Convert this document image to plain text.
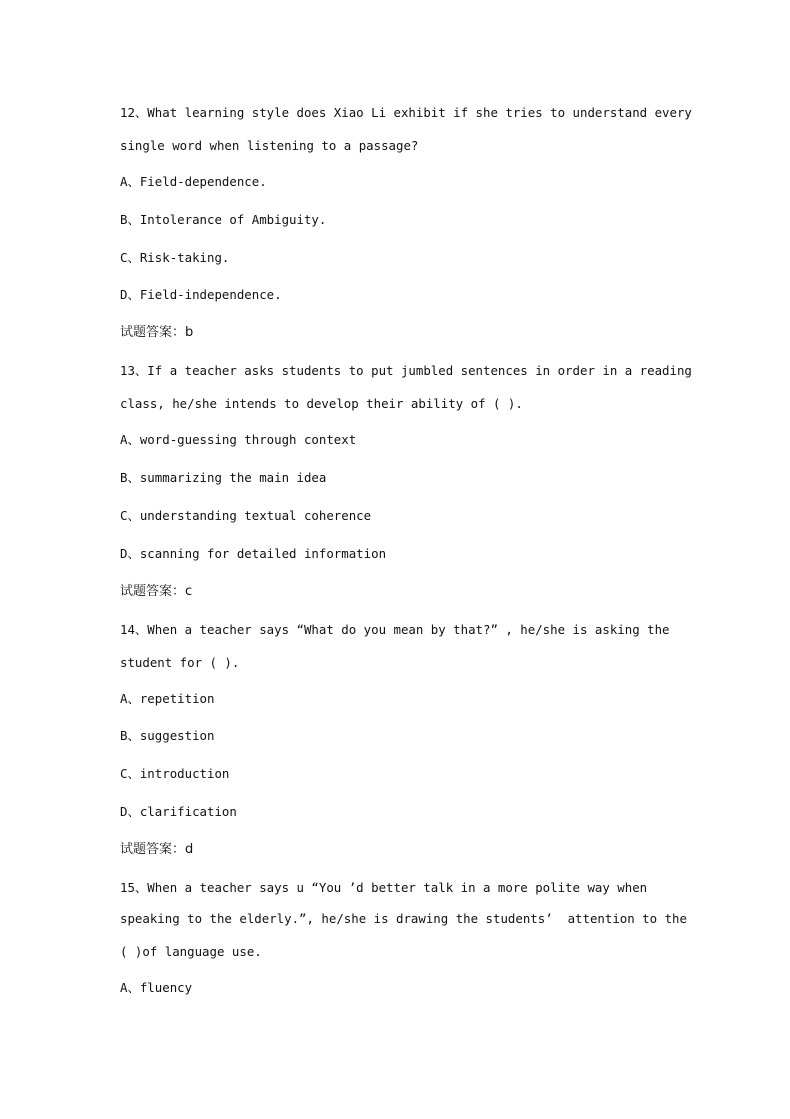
12、What learning style does Xiao Li exhibit if she tries to understand every
single word when listening to a passage?
A、Field-dependence.
B、Intolerance of Ambiguity.
C、Risk-taking.
D、Field-independence.
试题答案：b
13、If a teacher asks students to put jumbled sentences in order in a reading
class, he/she intends to develop their ability of ( ).
A、word-guessing through context
B、summarizing the main idea
C、understanding textual coherence
D、scanning for detailed information
试题答案：c
14、When a teacher says “What do you mean by that?” , he/she is asking the
student for ( ).
A、repetition
B、suggestion
C、introduction
D、clarification
试题答案：d
15、When a teacher says u “You ’d better talk in a more polite way when
speaking to the elderly.”, he/she is drawing the students’  attention to the
( )of language use.
A、fluency
